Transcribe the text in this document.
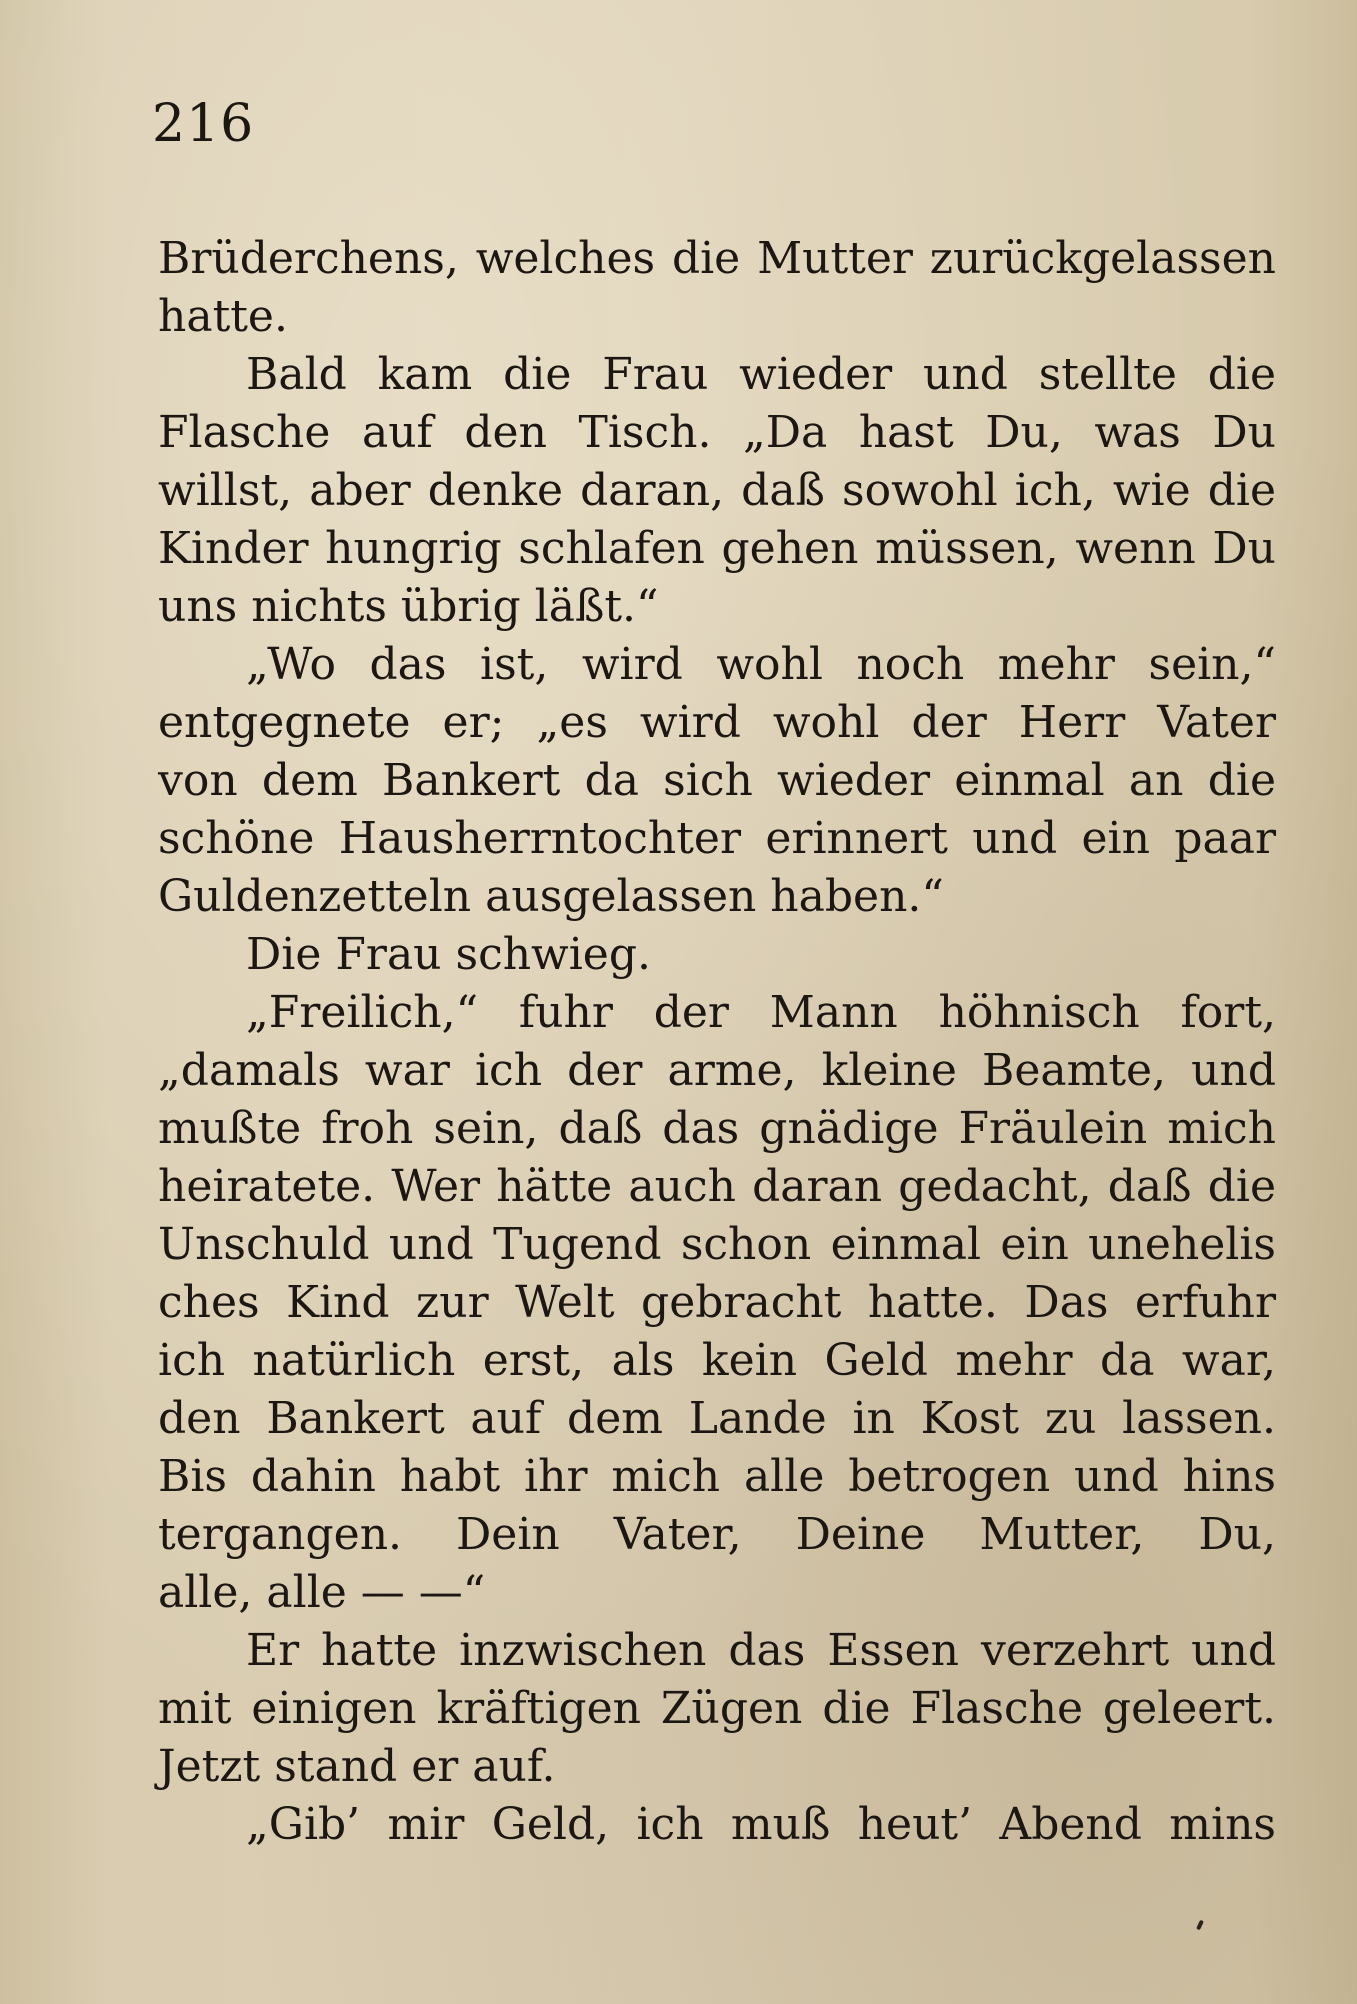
216
Brüderchens, welches die Mutter zurückgelassen
hatte.
Bald kam die Frau wieder und stellte die
Flasche auf den Tisch. „Da hast Du, was Du
willst, aber denke daran, daß sowohl ich, wie die
Kinder hungrig schlafen gehen müssen, wenn Du
uns nichts übrig läßt.“
„Wo das ist, wird wohl noch mehr sein,“
entgegnete er; „es wird wohl der Herr Vater
von dem Bankert da sich wieder einmal an die
schöne Hausherrntochter erinnert und ein paar
Guldenzetteln ausgelassen haben.“
Die Frau schwieg.
„Freilich,“ fuhr der Mann höhnisch fort,
„damals war ich der arme, kleine Beamte, und
mußte froh sein, daß das gnädige Fräulein mich
heiratete. Wer hätte auch daran gedacht, daß die
Unschuld und Tugend schon einmal ein unehelis
ches Kind zur Welt gebracht hatte. Das erfuhr
ich natürlich erst, als kein Geld mehr da war,
den Bankert auf dem Lande in Kost zu lassen.
Bis dahin habt ihr mich alle betrogen und hins
tergangen. Dein Vater, Deine Mutter, Du,
alle, alle — —“
Er hatte inzwischen das Essen verzehrt und
mit einigen kräftigen Zügen die Flasche geleert.
Jetzt stand er auf.
„Gib’ mir Geld, ich muß heut’ Abend mins
